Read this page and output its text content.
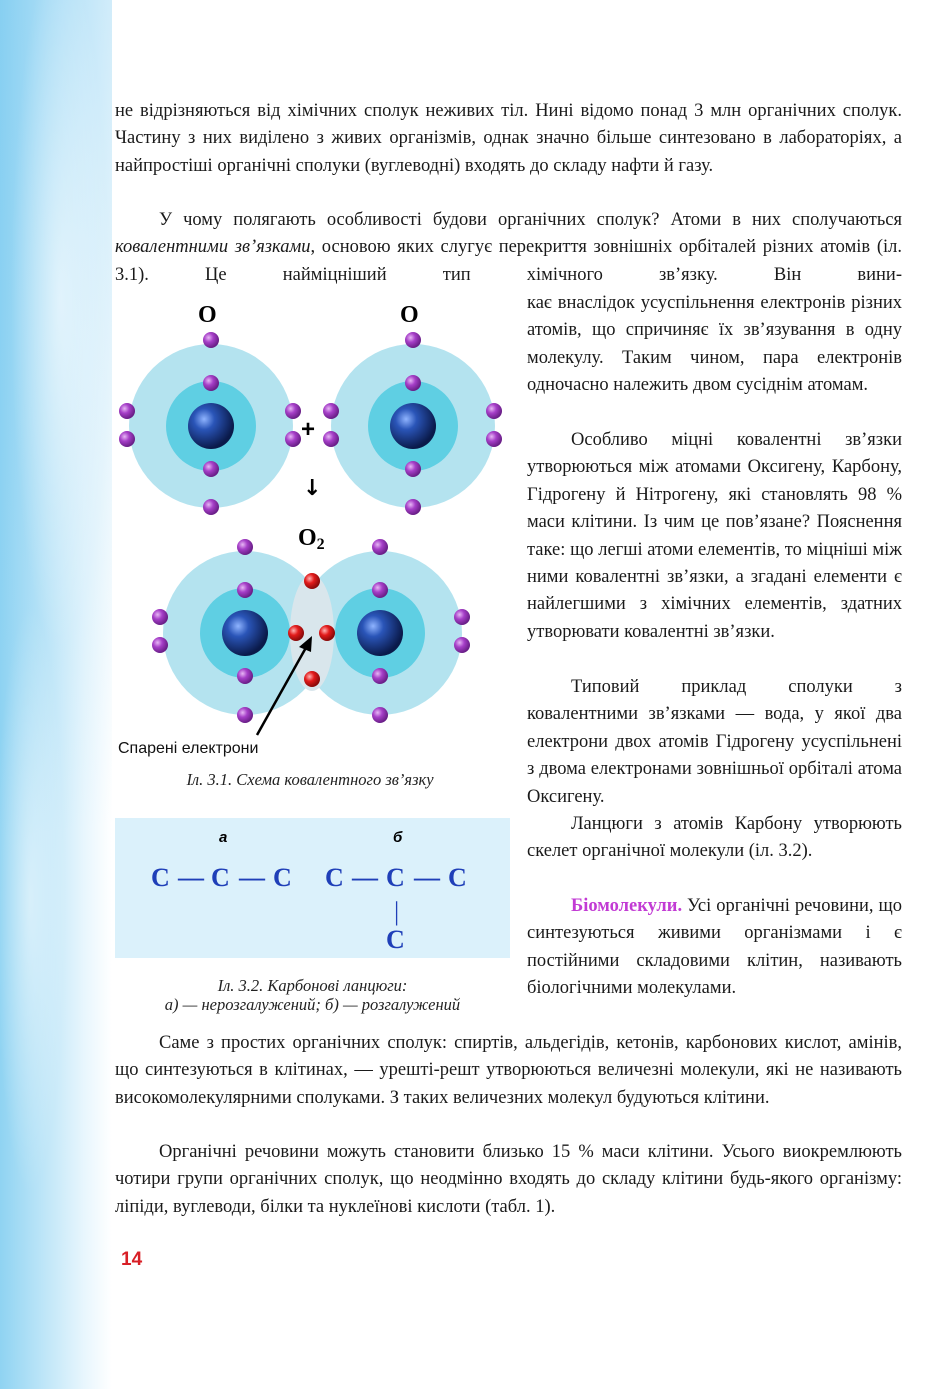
не відрізняються від хімічних сполук неживих тіл. Нині відомо понад 3 млн органічних сполук. Частину з них виділено з живих організмів, однак значно більше синтезовано в лабораторіях, а найпростіші органічні сполуки (вуглеводні) входять до складу нафти й газу.

У чому полягають особливості будови органічних сполук? Атоми в них сполучаються ковалентними зв’язками, основою яких слугує перекриття зовнішніх орбіталей різних атомів (іл. 3.1). Це найміцніший тип хімічного зв’язку. Він вини-

кає внаслідок усуспільнення електронів різних атомів, що спричиняє їх зв’язування в одну молекулу. Таким чином, пара електронів одночасно належить двом сусіднім атомам.

Особливо міцні ковалентні зв’язки утворюються між атомами Оксигену, Карбону, Гідрогену й Нітрогену, які становлять 98 % маси клітини. Із чим це пов’язане? Пояснення таке: що легші атоми елементів, то міцніші між ними ковалентні зв’язки, а згадані елементи є найлегшими з хімічних елементів, здатних утворювати ковалентні зв’язки.

Типовий приклад сполуки з ковалентними зв’язками — вода, у якої два електрони двох атомів Гідрогену усуспільнені з двома електронами зовнішньої орбіталі атома Оксигену.

Ланцюги з атомів Карбону утворюють скелет органічної молекули (іл. 3.2).

Біомолекули. Усі органічні речовини, що синтезуються живими організмами і є постійними складовими клітин, називають біологічними молекулами.

Саме з простих органічних сполук: спиртів, альдегідів, кетонів, карбонових кислот, амінів, що синтезуються в клітинах, — урешті-решт утворюються величезні молекули, які не називають високомолекулярними сполуками. З таких величезних молекул будуються клітини.

Органічні речовини можуть становити близько 15 % маси клітини. Усього виокремлюють чотири групи органічних сполук, що неодмінно входять до складу клітини будь-якого організму: ліпіди, вуглеводи, білки та нуклеїнові кислоти (табл. 1).

O	O
+
↓
O2
Спарені електрони
Іл. 3.1. Схема ковалентного зв’язку
а	б
C — C — C C — C — C
|
C
Іл. 3.2. Карбонові ланцюги:
а) — нерозгалужений; б) — розгалужений
14
